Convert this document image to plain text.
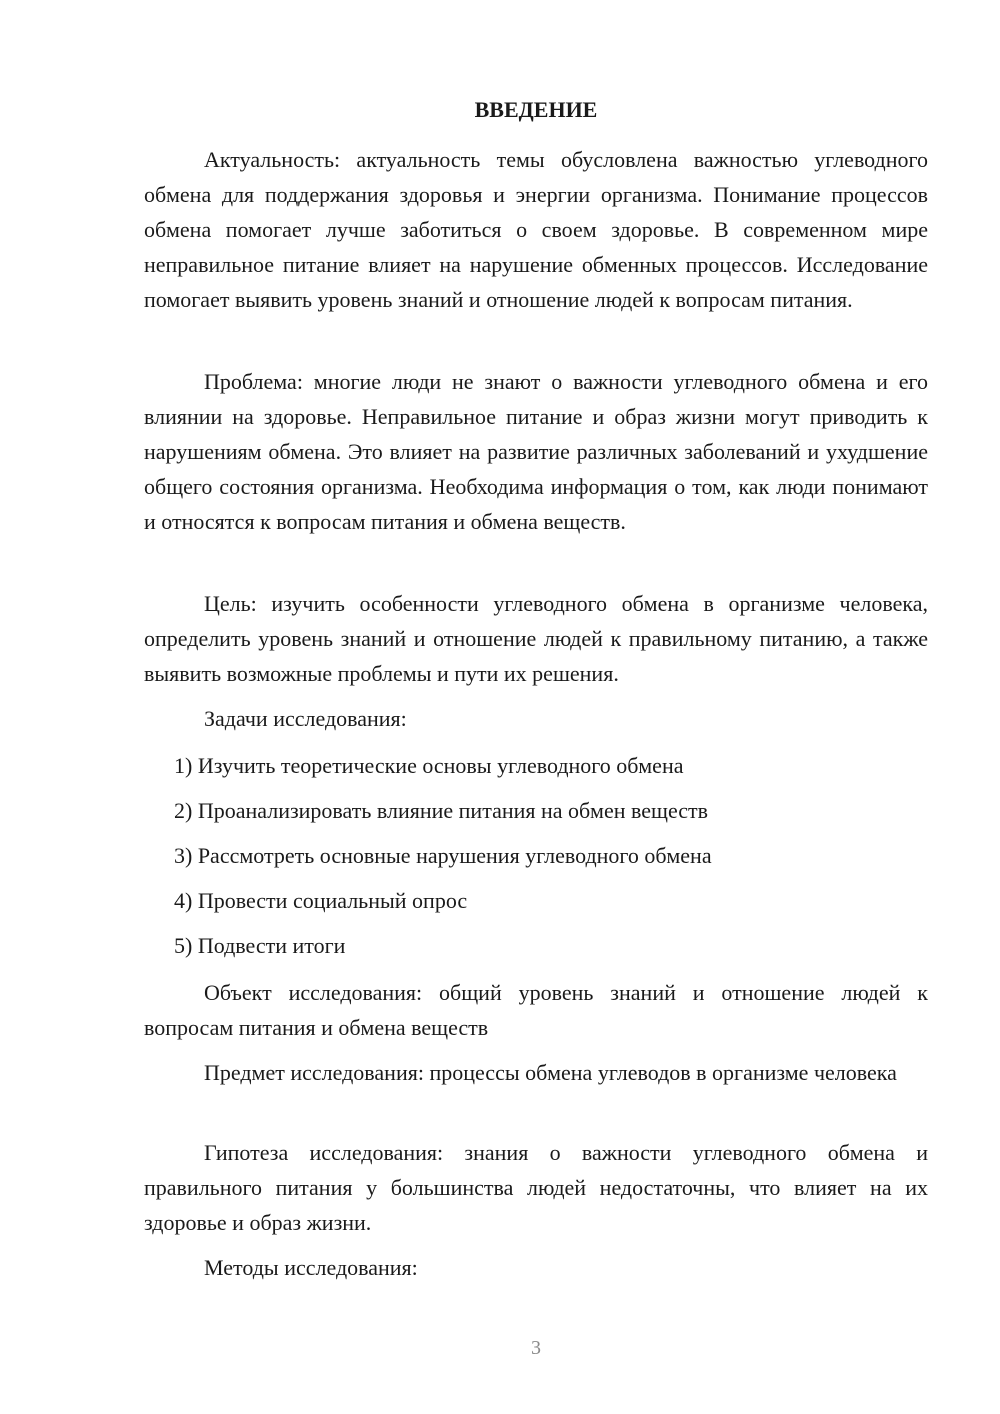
ВВЕДЕНИЕ

Актуальность: актуальность темы обусловлена важностью углеводного обмена для поддержания здоровья и энергии организма. Понимание процессов обмена помогает лучше заботиться о своем здоровье. В современном мире неправильное питание влияет на нарушение обменных процессов. Исследование помогает выявить уровень знаний и отношение людей к вопросам питания.

Проблема: многие люди не знают о важности углеводного обмена и его влиянии на здоровье. Неправильное питание и образ жизни могут приводить к нарушениям обмена. Это влияет на развитие различных заболеваний и ухудшение общего состояния организма. Необходима информация о том, как люди понимают и относятся к вопросам питания и обмена веществ.

Цель: изучить особенности углеводного обмена в организме человека, определить уровень знаний и отношение людей к правильному питанию, а также выявить возможные проблемы и пути их решения.

Задачи исследования:

1) Изучить теоретические основы углеводного обмена

2) Проанализировать влияние питания на обмен веществ

3) Рассмотреть основные нарушения углеводного обмена

4) Провести социальный опрос

5) Подвести итоги

Объект исследования: общий уровень знаний и отношение людей к вопросам питания и обмена веществ

Предмет исследования: процессы обмена углеводов в организме человека

Гипотеза исследования: знания о важности углеводного обмена и правильного питания у большинства людей недостаточны, что влияет на их здоровье и образ жизни.

Методы исследования:

3
